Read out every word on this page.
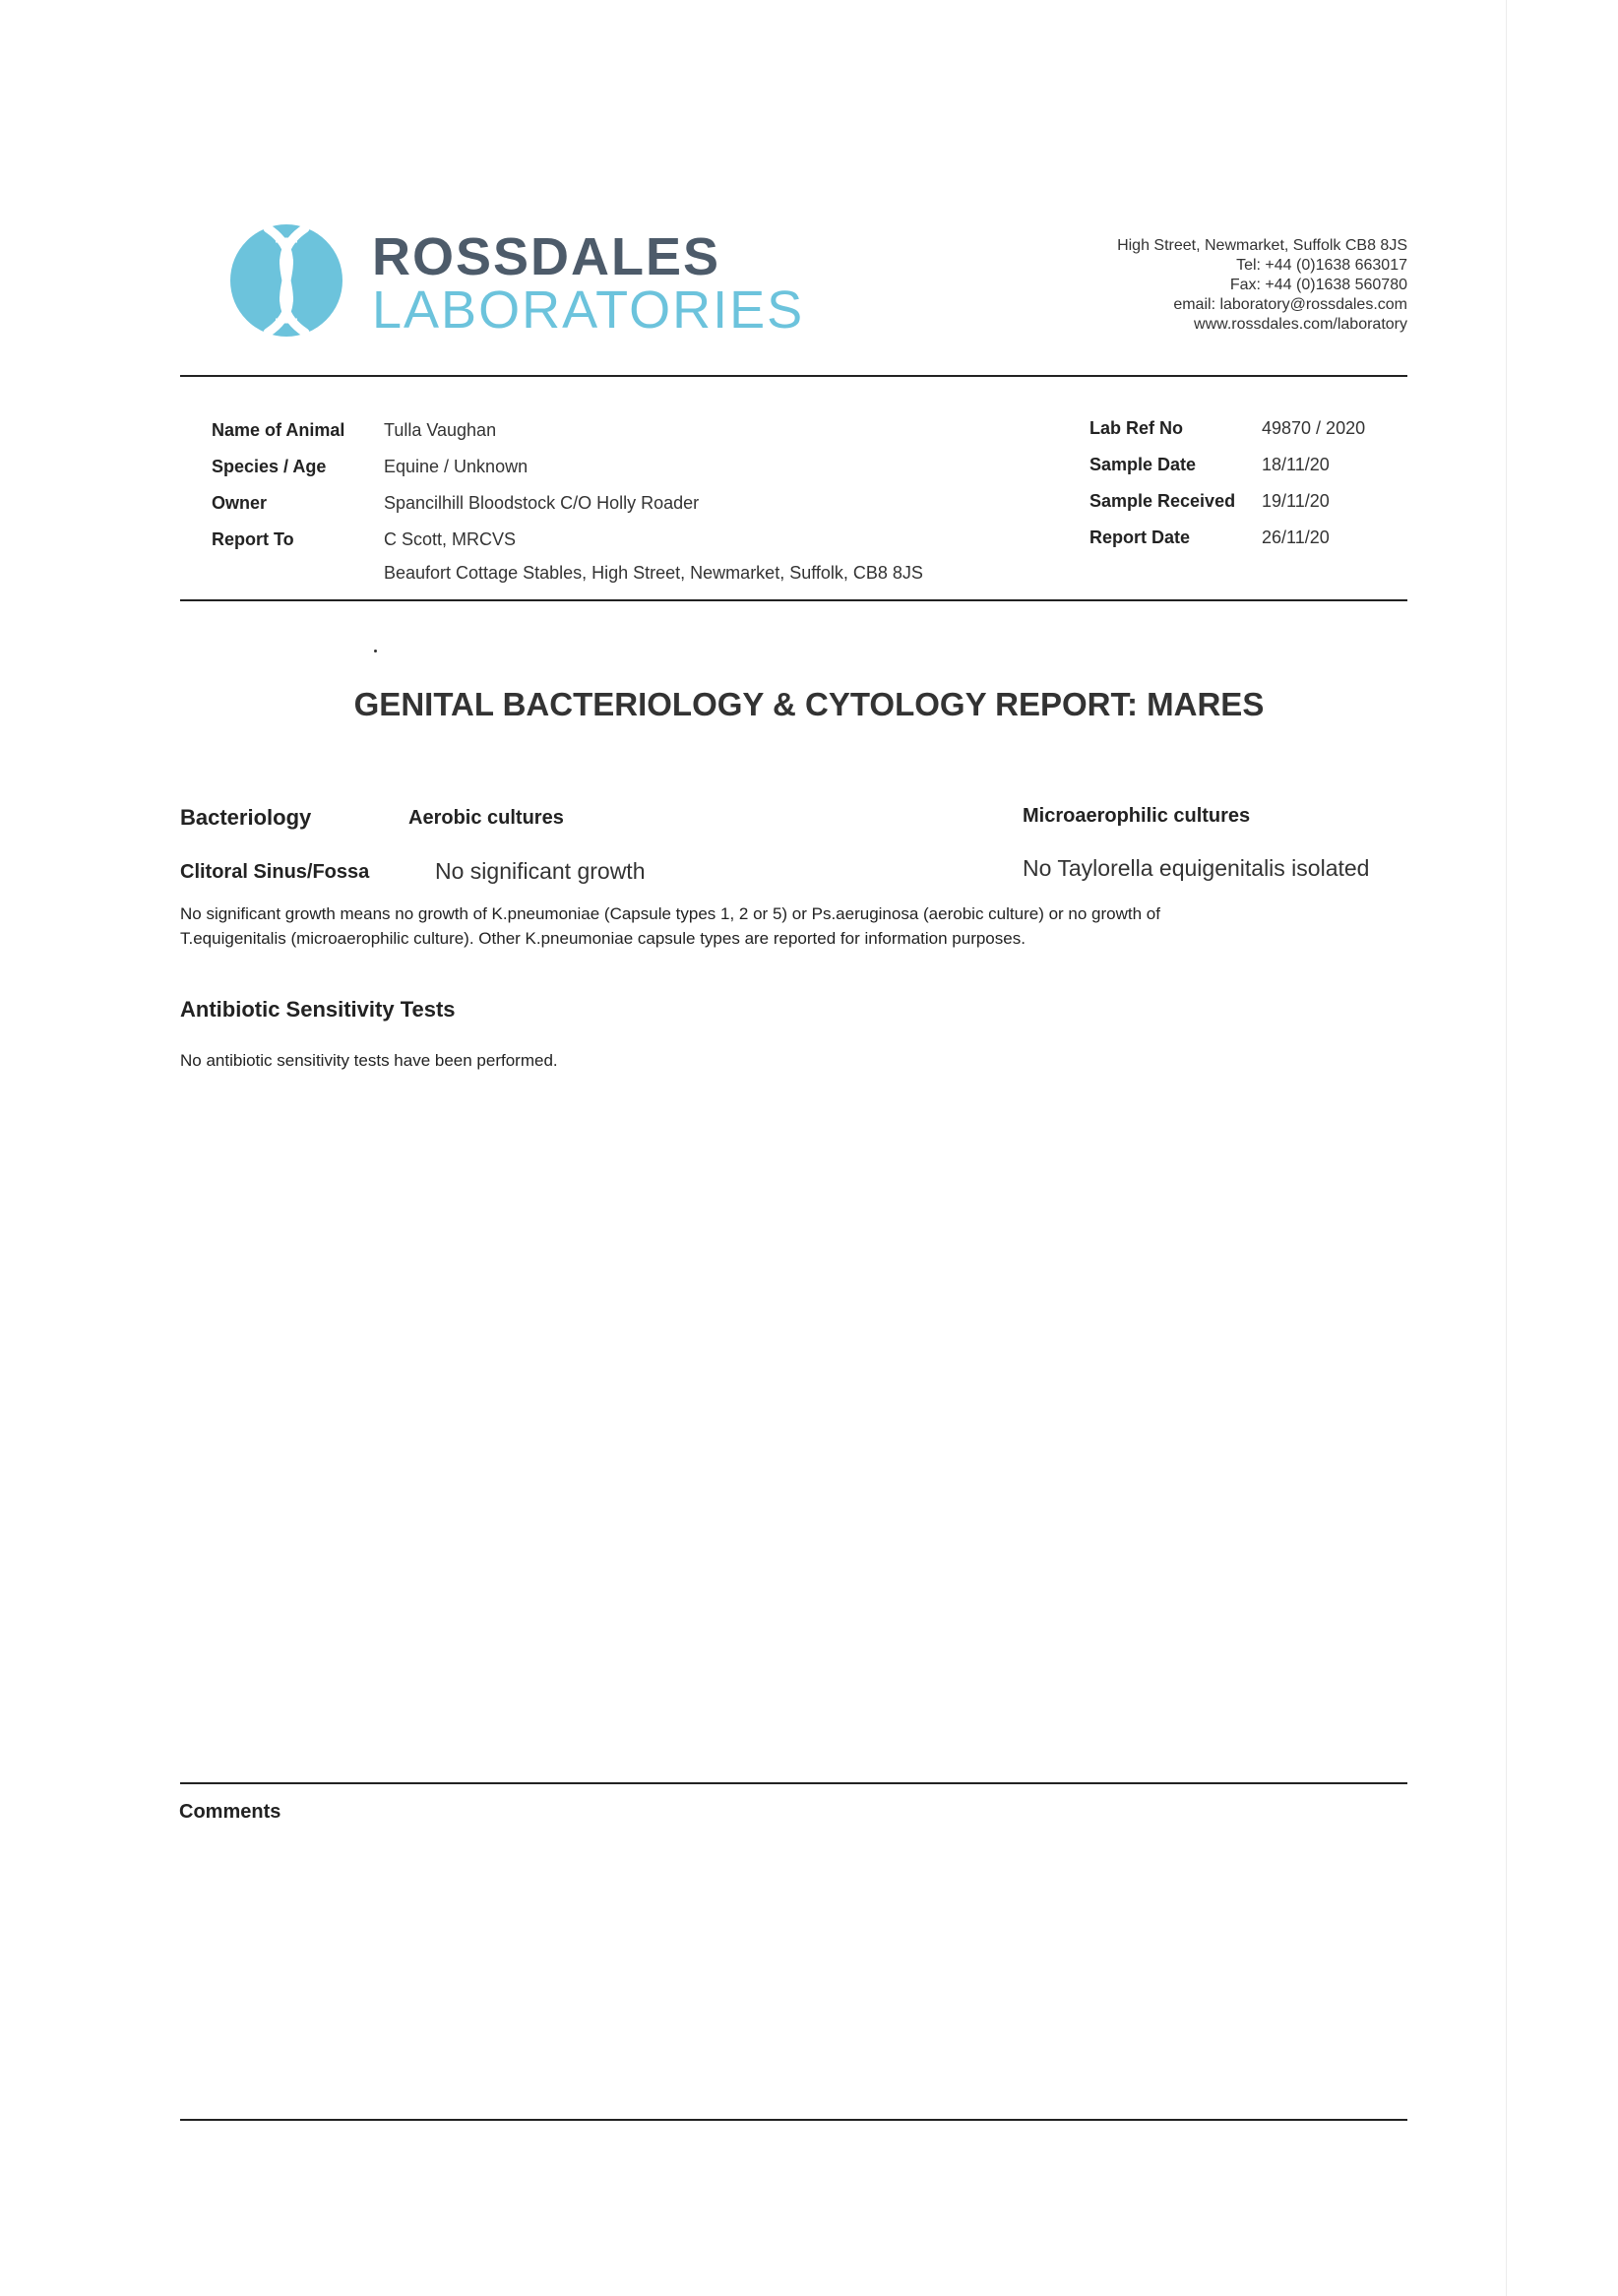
ROSSDALES
LABORATORIES
High Street, Newmarket, Suffolk CB8 8JS
Tel: +44 (0)1638 663017
Fax: +44 (0)1638 560780
email: laboratory@rossdales.com
www.rossdales.com/laboratory
Name of Animal Tulla Vaughan
Species / Age	Equine / Unknown
Owner	Spancilhill Bloodstock C/O Holly Roader
Report To	C Scott, MRCVS
Beaufort Cottage Stables, High Street, Newmarket, Suffolk, CB8 8JS
Lab Ref No	49870 / 2020
Sample Date	18/11/20
Sample Received 19/11/20
Report Date	26/11/20
GENITAL BACTERIOLOGY & CYTOLOGY REPORT: MARES
Bacteriology	Aerobic cultures	Microaerophilic cultures
Clitoral Sinus/Fossa	No significant growth	No Taylorella equigenitalis isolated
No significant growth means no growth of K.pneumoniae (Capsule types 1, 2 or 5) or Ps.aeruginosa (aerobic culture) or no growth of
T.equigenitalis (microaerophilic culture). Other K.pneumoniae capsule types are reported for information purposes.
Antibiotic Sensitivity Tests
No antibiotic sensitivity tests have been performed.
Comments
